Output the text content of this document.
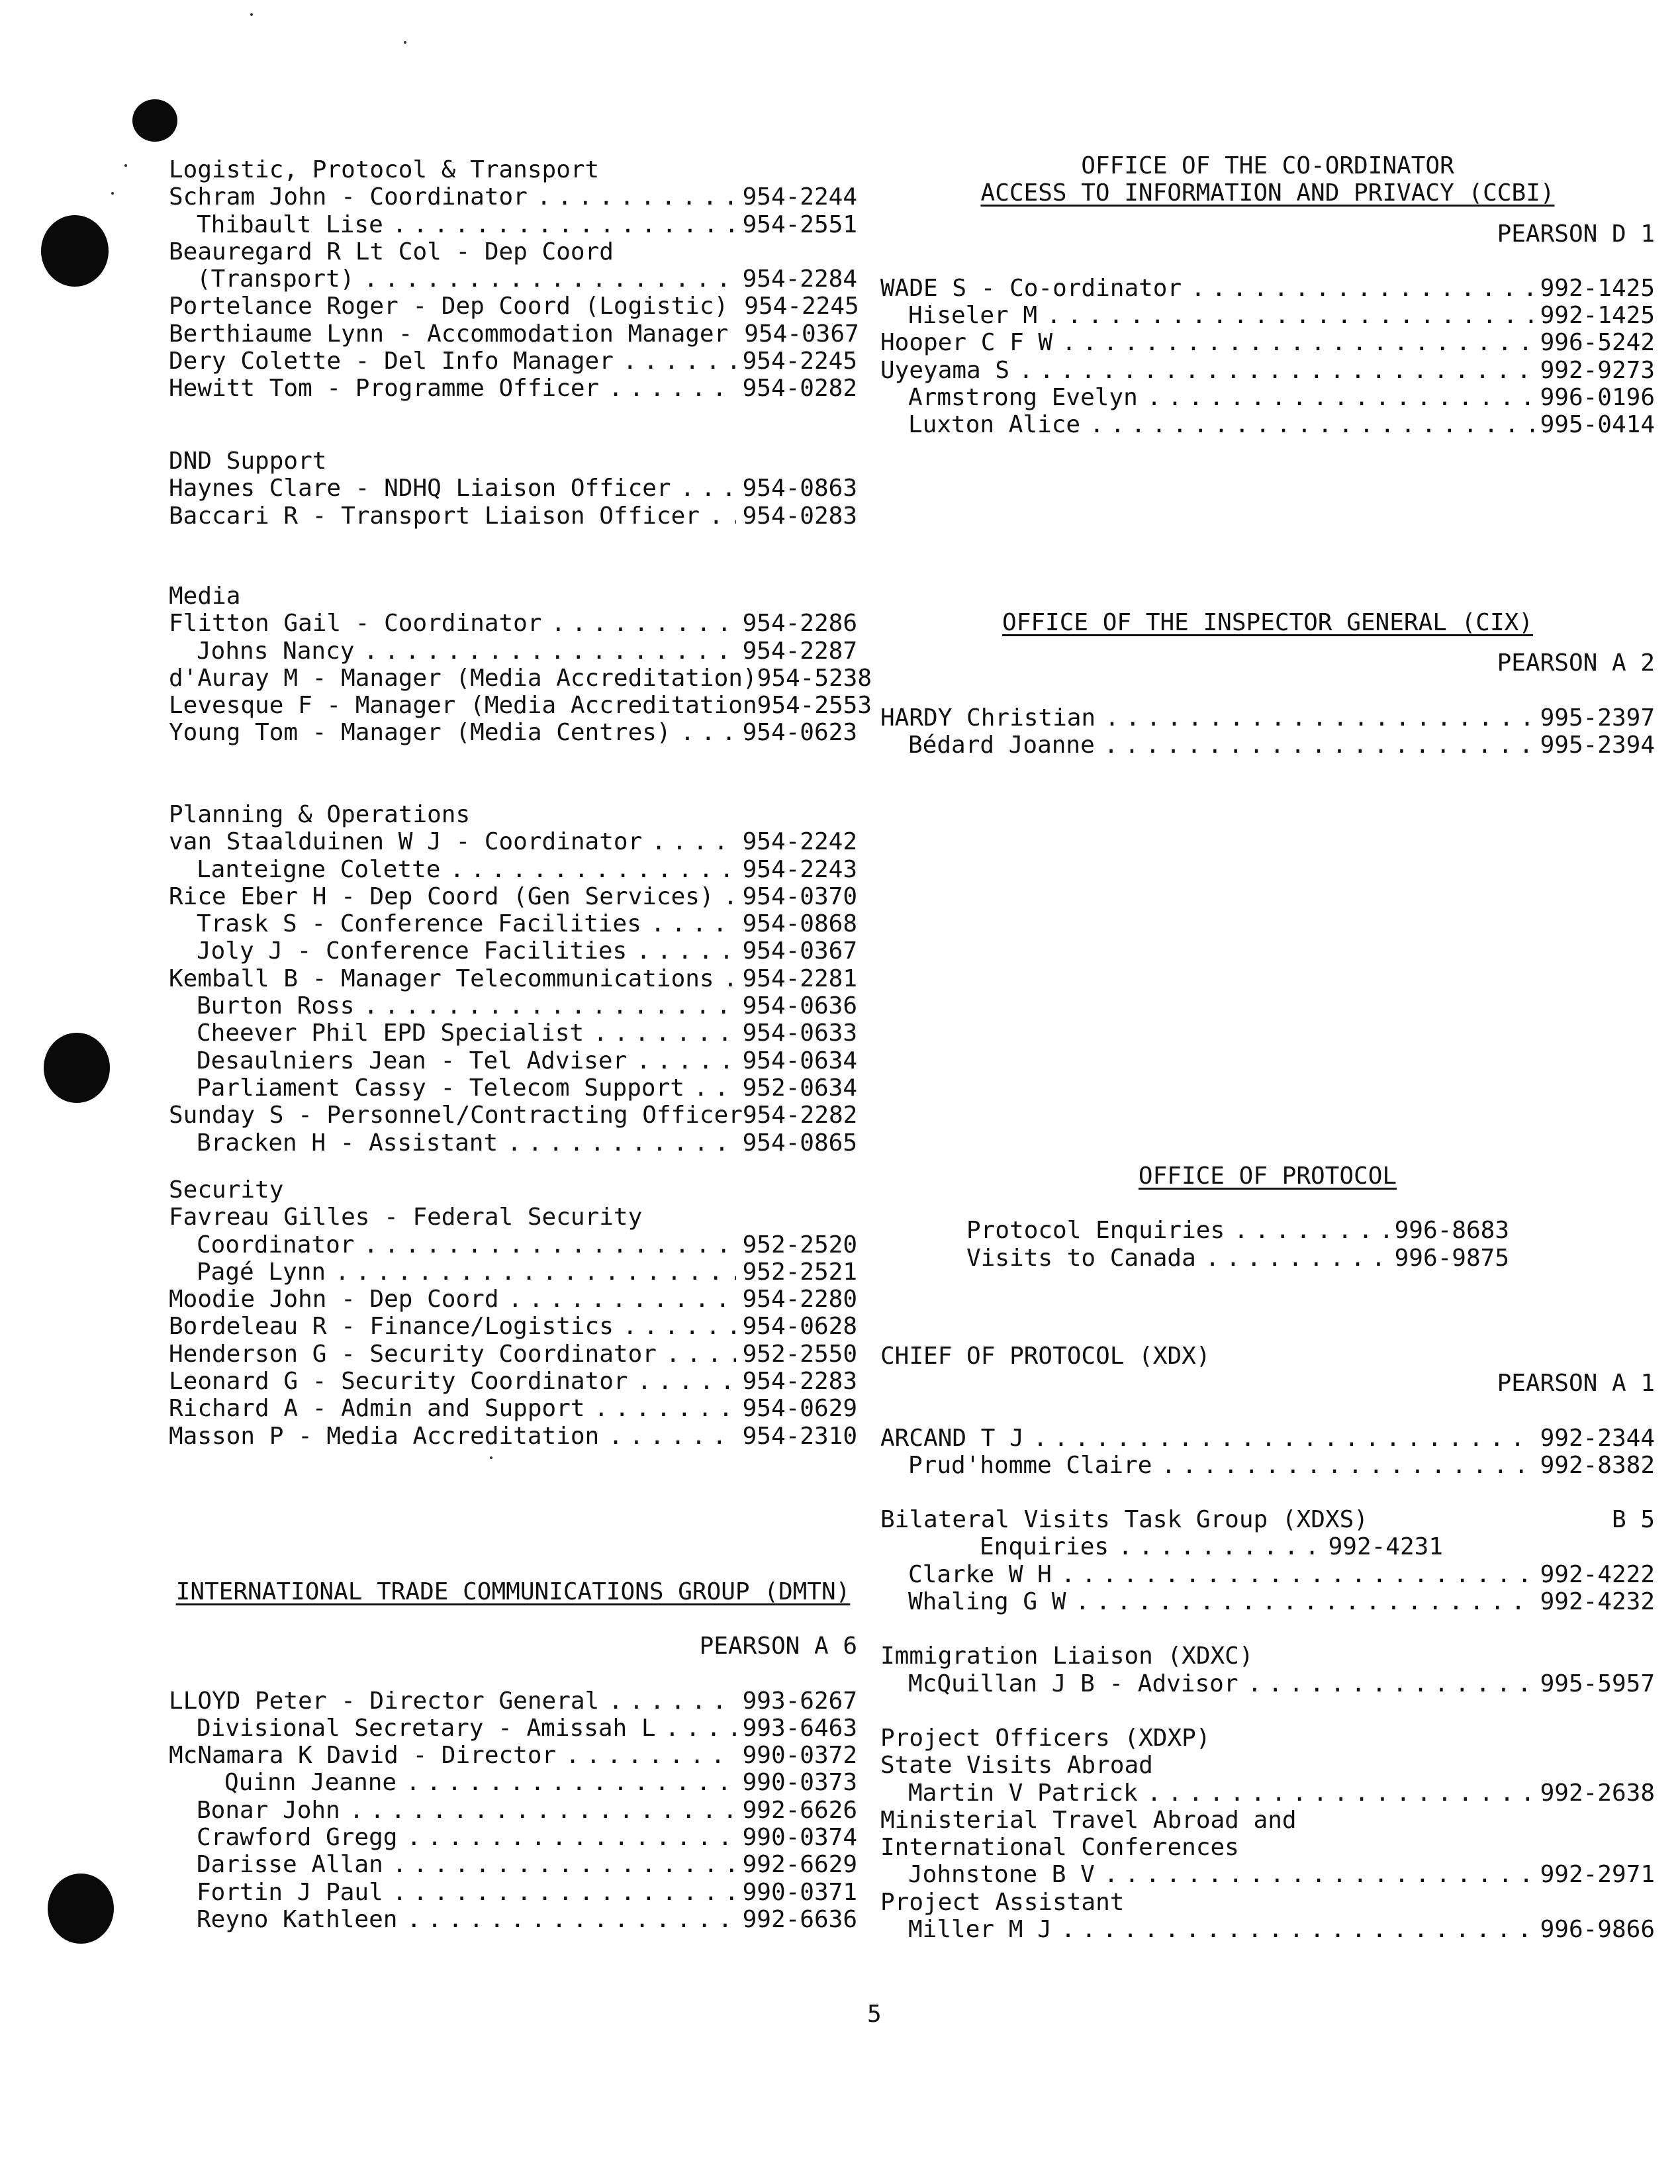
Logistic, Protocol & Transport
Schram John - Coordinator . . .	954-2244
Thibault Lise . . .	954-2551
Beauregard R Lt Col - Dep Coord
(Transport) . . .	954-2284
Portelance Roger - Dep Coord (Logistic) 954-2245
Berthiaume Lynn - Accommodation Manager 954-0367
Dery Colette - Del Info Manager . . .	954-2245
Hewitt Tom - Programme Officer . . .	954-0282
DND Support
Haynes Clare - NDHQ Liaison Officer . . .	954-0863
Baccari R - Transport Liaison Officer . . . 954-0283
Media
Flitton Gail - Coordinator . . .	954-2286
Johns Nancy . . .	954-2287
d'Auray M - Manager (Media Accreditation) 954-5238
Levesque F - Manager (Media Accreditation 954-2553
Young Tom - Manager (Media Centres) . . .	954-0623
Planning & Operations
van Staalduinen W J - Coordinator . . .	954-2242
Lanteigne Colette . . .	954-2243
Rice Eber H - Dep Coord (Gen Services) . . . 954-0370
Trask S - Conference Facilities . . .	954-0868
Joly J - Conference Facilities . . .	954-0367
Kemball B - Manager Telecommunications . . . 954-2281
Burton Ross . . .	954-0636
Cheever Phil EPD Specialist . . .	954-0633
Desaulniers Jean - Tel Adviser . . .	954-0634
Parliament Cassy - Telecom Support . . . 952-0634
Sunday S - Personnel/Contracting Officer 954-2282
Bracken H - Assistant . . .	954-0865
Security
Favreau Gilles - Federal Security
Coordinator . . .	952-2520
Pagé Lynn . . .	952-2521
Moodie John - Dep Coord . . .	954-2280
Bordeleau R - Finance/Logistics . . .	954-0628
Henderson G - Security Coordinator . . .	952-2550
Leonard G - Security Coordinator . . .	954-2283
Richard A - Admin and Support . . .	954-0629
Masson P - Media Accreditation . . .	954-2310
INTERNATIONAL TRADE COMMUNICATIONS GROUP (DMTN)
PEARSON A 6
LLOYD Peter - Director General . . .	993-6267
Divisional Secretary - Amissah L . . .	993-6463
McNamara K David - Director . . .	990-0372
Quinn Jeanne . . .	990-0373
Bonar John . . .	992-6626
Crawford Gregg . . .	990-0374
Darisse Allan . . .	992-6629
Fortin J Paul . . .	990-0371
Reyno Kathleen . . .	992-6636
OFFICE OF THE CO-ORDINATOR
ACCESS TO INFORMATION AND PRIVACY (CCBI)
PEARSON D 1
WADE S - Co-ordinator . . .	992-1425
Hiseler M . . .	992-1425
Hooper C F W . . .	996-5242
Uyeyama S . . .	992-9273
Armstrong Evelyn . . .	996-0196
Luxton Alice . . .	995-0414
OFFICE OF THE INSPECTOR GENERAL (CIX)
PEARSON A 2
HARDY Christian . . .	995-2397
Bédard Joanne . . .	995-2394
OFFICE OF PROTOCOL
Protocol Enquiries . . .	996-8683
Visits to Canada . . .	996-9875
CHIEF OF PROTOCOL (XDX)
PEARSON A 1
ARCAND T J . . .	992-2344
Prud'homme Claire . . .	992-8382
Bilateral Visits Task Group (XDXS)	B 5
Enquiries . . .	992-4231
Clarke W H . . .	992-4222
Whaling G W . . .	992-4232
Immigration Liaison (XDXC)
McQuillan J B - Advisor . . .	995-5957
Project Officers (XDXP)
State Visits Abroad
Martin V Patrick . . .	992-2638
Ministerial Travel Abroad and
International Conferences
Johnstone B V . . .	992-2971
Project Assistant
Miller M J . . .	996-9866
5
